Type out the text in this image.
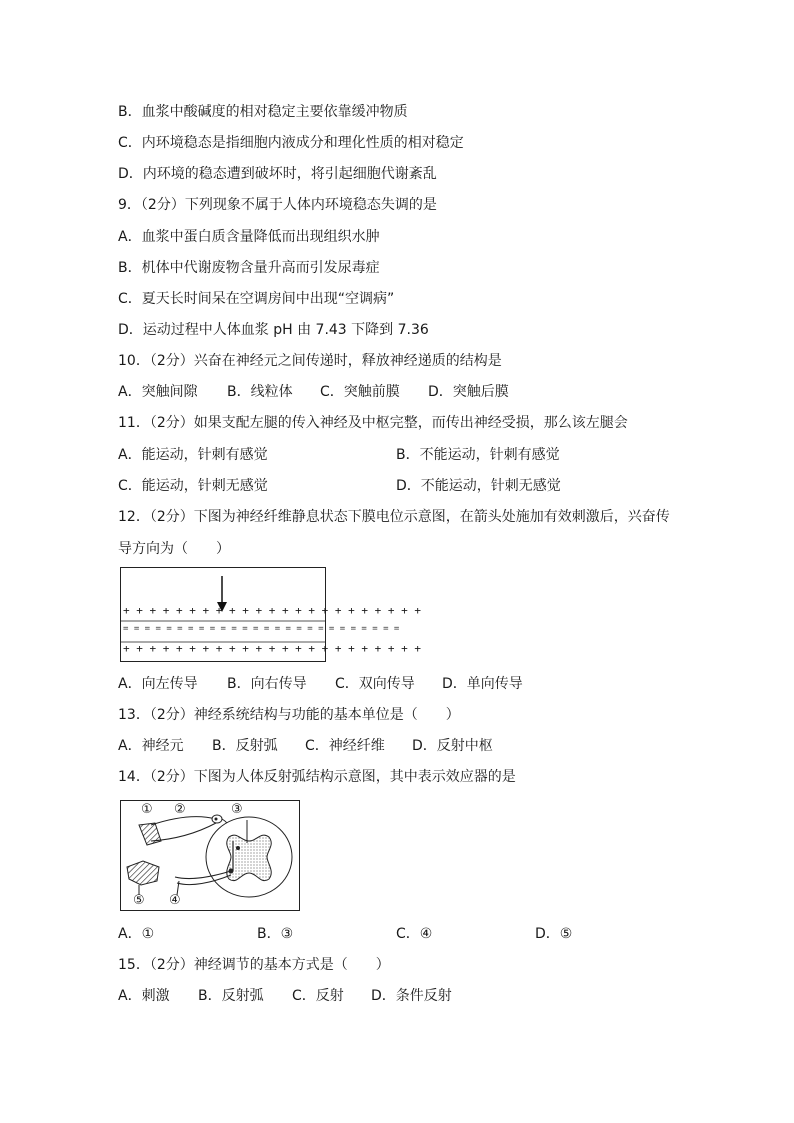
B．血浆中酸碱度的相对稳定主要依靠缓冲物质
C．内环境稳态是指细胞内液成分和理化性质的相对稳定
D．内环境的稳态遭到破坏时，将引起细胞代谢紊乱
9．（2分）下列现象不属于人体内环境稳态失调的是
A．血浆中蛋白质含量降低而出现组织水肿
B．机体中代谢废物含量升高而引发尿毒症
C．夏天长时间呆在空调房间中出现“空调病”
D．运动过程中人体血浆 pH 由 7.43 下降到 7.36
10．（2分）兴奋在神经元之间传递时，释放神经递质的结构是
A．突触间隙 B．线粒体 C．突触前膜 D．突触后膜
11．（2分）如果支配左腿的传入神经及中枢完整，而传出神经受损，那么该左腿会
A．能运动，针刺有感觉	B．不能运动，针刺有感觉
C．能运动，针刺无感觉	D．不能运动，针刺无感觉
12．（2分）下图为神经纤维静息状态下膜电位示意图，在箭头处施加有效刺激后，兴奋传
导方向为（　　）
+ + + + + + + + + + + + + + + + + + + + + + +
= = = = = = = = = = = = = = = = = = = = = = = = = =
+ + + + + + + + + + + + + + + + + + + + + + +
A．向左传导 B．向右传导 C．双向传导 D．单向传导
13．（2分）神经系统结构与功能的基本单位是（　　）
A．神经元 B．反射弧 C．神经纤维 D．反射中枢
14．（2分）下图为人体反射弧结构示意图，其中表示效应器的是
① ②	③
④
⑤
A．①	B．③	C．④	D．⑤
15．（2分）神经调节的基本方式是（　　）
A．刺激 B．反射弧 C．反射 D．条件反射
